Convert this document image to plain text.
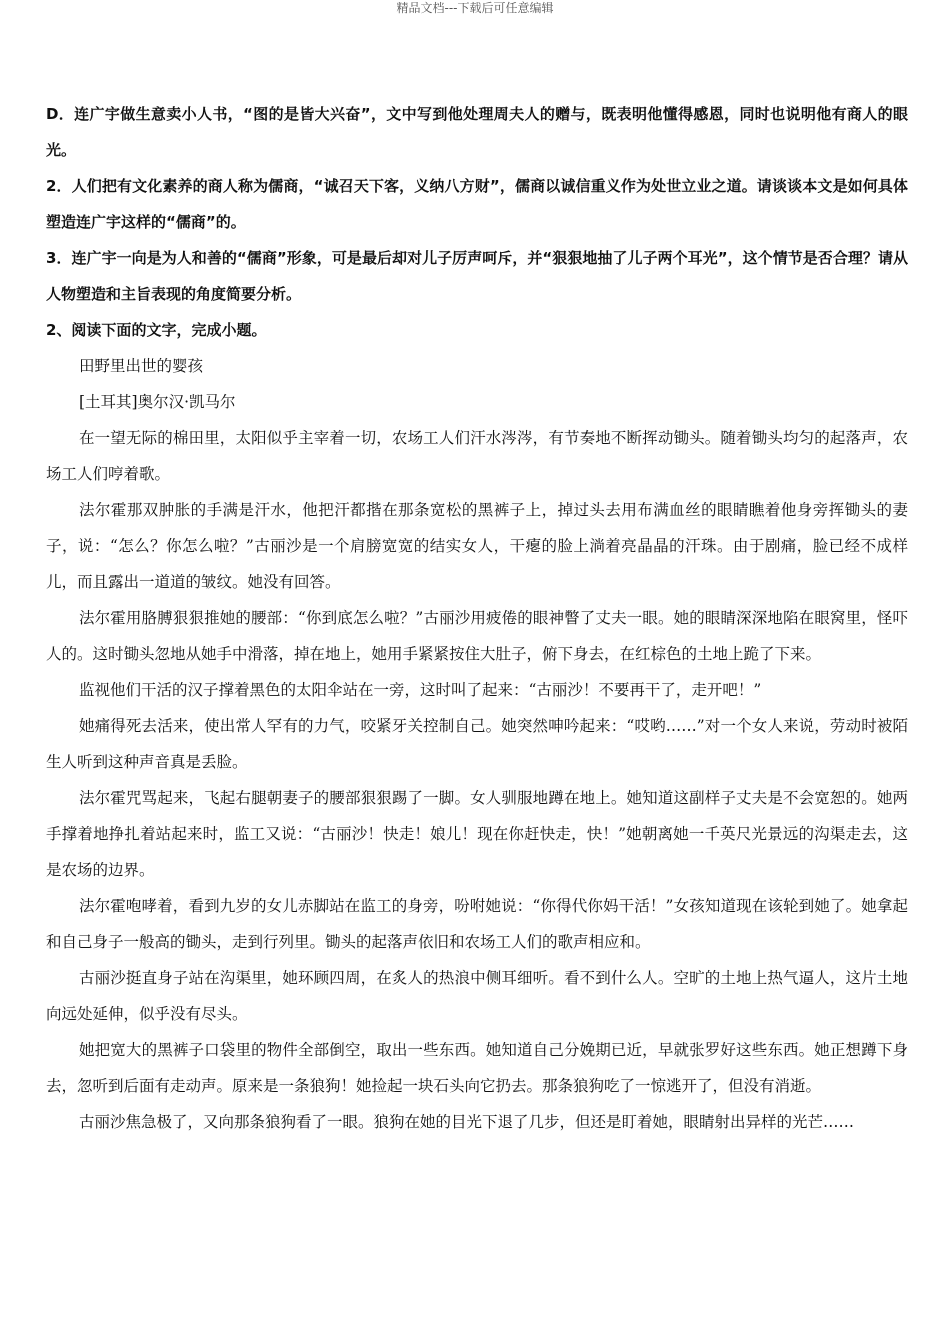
精品文档---下载后可任意编辑

D．连广宇做生意卖小人书，“图的是皆大兴奋”，文中写到他处理周夫人的赠与，既表明他懂得感恩，同时也说明他有商人的眼光。

2．人们把有文化素养的商人称为儒商，“诚召天下客，义纳八方财”，儒商以诚信重义作为处世立业之道。请谈谈本文是如何具体塑造连广宇这样的“儒商”的。

3．连广宇一向是为人和善的“儒商”形象，可是最后却对儿子厉声呵斥，并“狠狠地抽了儿子两个耳光”，这个情节是否合理？请从人物塑造和主旨表现的角度简要分析。

2、阅读下面的文字，完成小题。

田野里出世的婴孩

[土耳其]奥尔汉·凯马尔

在一望无际的棉田里，太阳似乎主宰着一切，农场工人们汗水涔涔，有节奏地不断挥动锄头。随着锄头均匀的起落声，农场工人们哼着歌。

法尔霍那双肿胀的手满是汗水，他把汗都揩在那条宽松的黑裤子上，掉过头去用布满血丝的眼睛瞧着他身旁挥锄头的妻子，说：“怎么？你怎么啦？”古丽沙是一个肩膀宽宽的结实女人，干瘪的脸上淌着亮晶晶的汗珠。由于剧痛，脸已经不成样儿，而且露出一道道的皱纹。她没有回答。

法尔霍用胳膊狠狠推她的腰部：“你到底怎么啦？”古丽沙用疲倦的眼神瞥了丈夫一眼。她的眼睛深深地陷在眼窝里，怪吓人的。这时锄头忽地从她手中滑落，掉在地上，她用手紧紧按住大肚子，俯下身去，在红棕色的土地上跪了下来。

监视他们干活的汉子撑着黑色的太阳伞站在一旁，这时叫了起来：“古丽沙！不要再干了，走开吧！”

她痛得死去活来，使出常人罕有的力气，咬紧牙关控制自己。她突然呻吟起来：“哎哟……”对一个女人来说，劳动时被陌生人听到这种声音真是丢脸。

法尔霍咒骂起来，飞起右腿朝妻子的腰部狠狠踢了一脚。女人驯服地蹲在地上。她知道这副样子丈夫是不会宽恕的。她两手撑着地挣扎着站起来时，监工又说：“古丽沙！快走！娘儿！现在你赶快走，快！”她朝离她一千英尺光景远的沟渠走去，这是农场的边界。

法尔霍咆哮着，看到九岁的女儿赤脚站在监工的身旁，吩咐她说：“你得代你妈干活！”女孩知道现在该轮到她了。她拿起和自己身子一般高的锄头，走到行列里。锄头的起落声依旧和农场工人们的歌声相应和。

古丽沙挺直身子站在沟渠里，她环顾四周，在炙人的热浪中侧耳细听。看不到什么人。空旷的土地上热气逼人，这片土地向远处延伸，似乎没有尽头。

她把宽大的黑裤子口袋里的物件全部倒空，取出一些东西。她知道自己分娩期已近，早就张罗好这些东西。她正想蹲下身去，忽听到后面有走动声。原来是一条狼狗！她捡起一块石头向它扔去。那条狼狗吃了一惊逃开了，但没有消逝。

古丽沙焦急极了，又向那条狼狗看了一眼。狼狗在她的目光下退了几步，但还是盯着她，眼睛射出异样的光芒……
